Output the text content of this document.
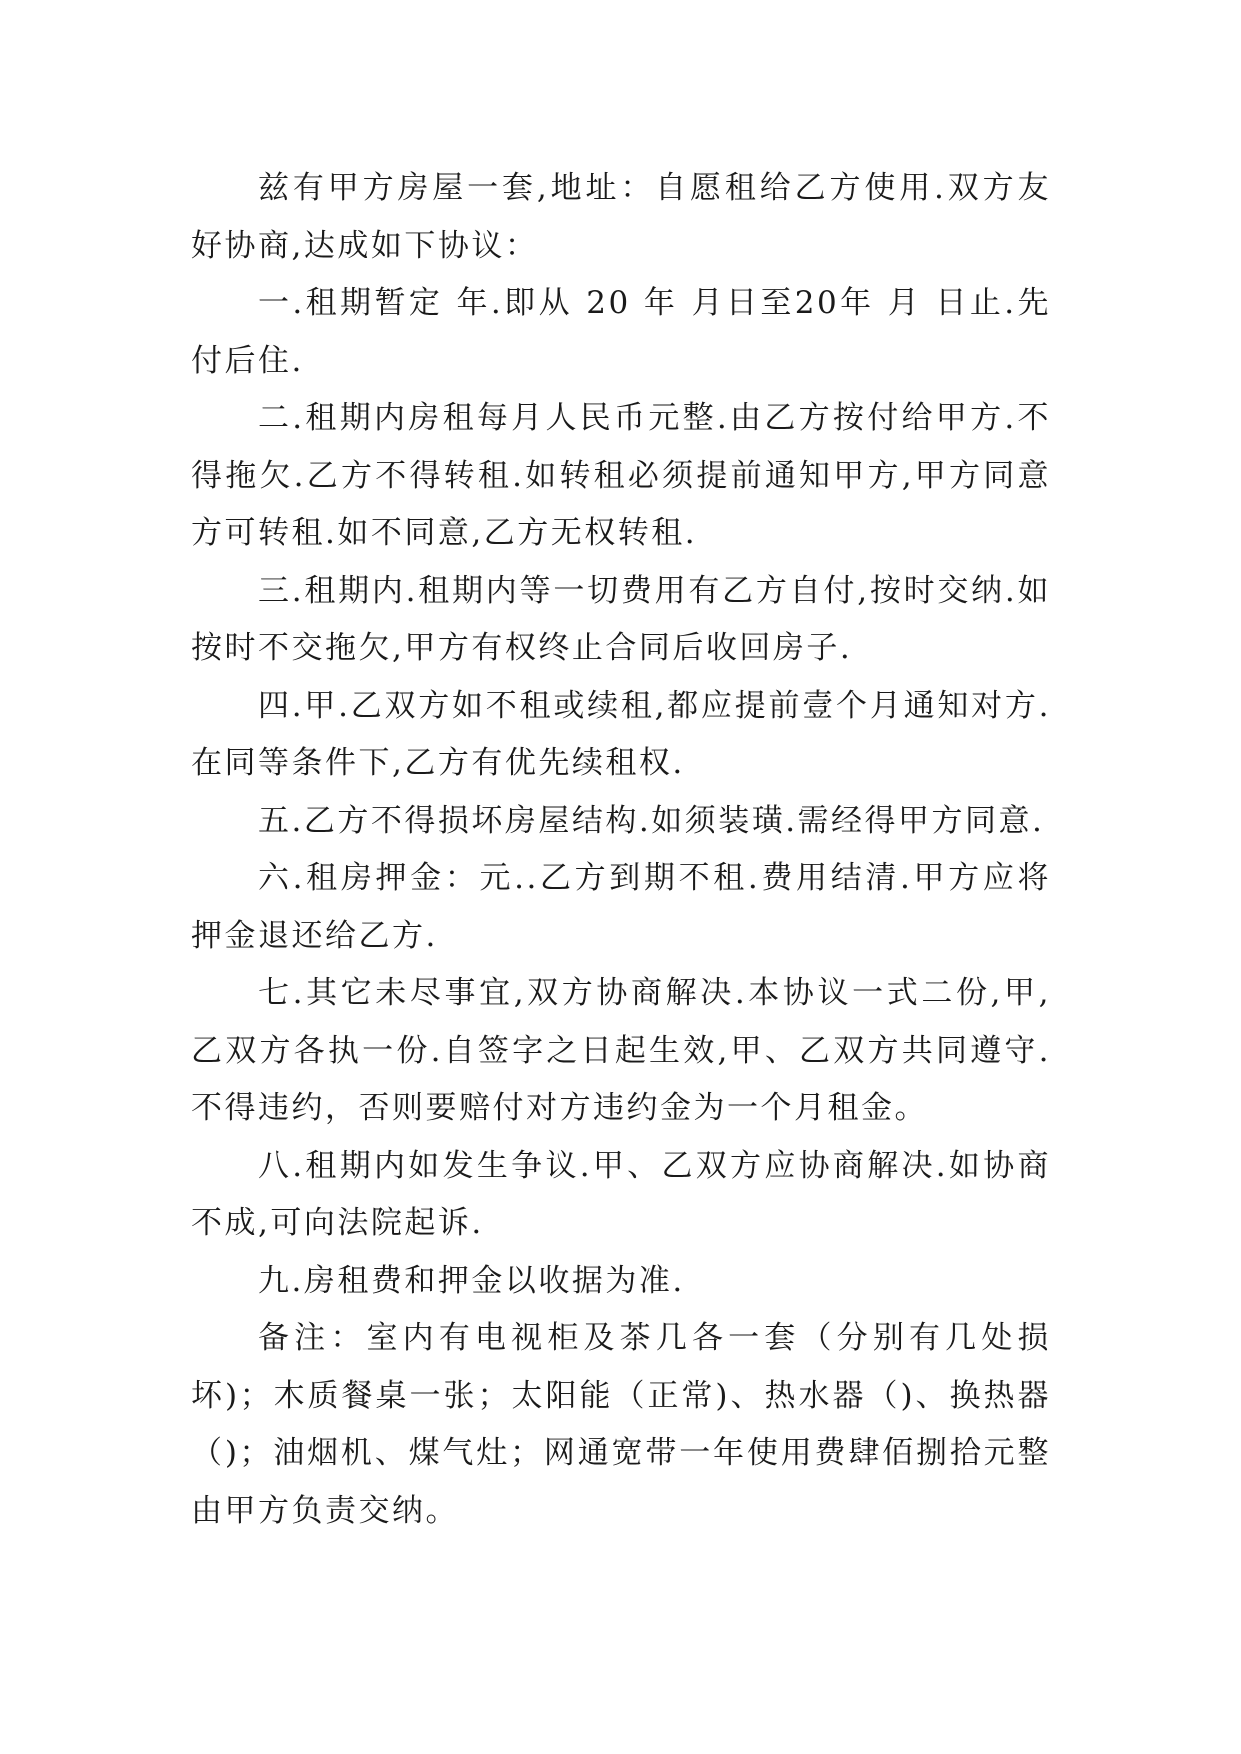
兹有甲方房屋一套,地址：自愿租给乙方使用.双方友好协商,达成如下协议：

一.租期暂定 年.即从 20 年 月日至20年 月 日止.先付后住.

二.租期内房租每月人民币元整.由乙方按付给甲方.不得拖欠.乙方不得转租.如转租必须提前通知甲方,甲方同意方可转租.如不同意,乙方无权转租.

三.租期内.租期内等一切费用有乙方自付,按时交纳.如按时不交拖欠,甲方有权终止合同后收回房子.

四.甲.乙双方如不租或续租,都应提前壹个月通知对方.在同等条件下,乙方有优先续租权.

五.乙方不得损坏房屋结构.如须装璜.需经得甲方同意.

六.租房押金：元..乙方到期不租.费用结清.甲方应将押金退还给乙方.

七.其它未尽事宜,双方协商解决.本协议一式二份,甲,乙双方各执一份.自签字之日起生效,甲、乙双方共同遵守.不得违约，否则要赔付对方违约金为一个月租金。

八.租期内如发生争议.甲、乙双方应协商解决.如协商不成,可向法院起诉.

九.房租费和押金以收据为准.

备注：室内有电视柜及茶几各一套（分别有几处损坏)；木质餐桌一张；太阳能（正常)、热水器（)、换热器（)；油烟机、煤气灶；网通宽带一年使用费肆佰捌拾元整由甲方负责交纳。
